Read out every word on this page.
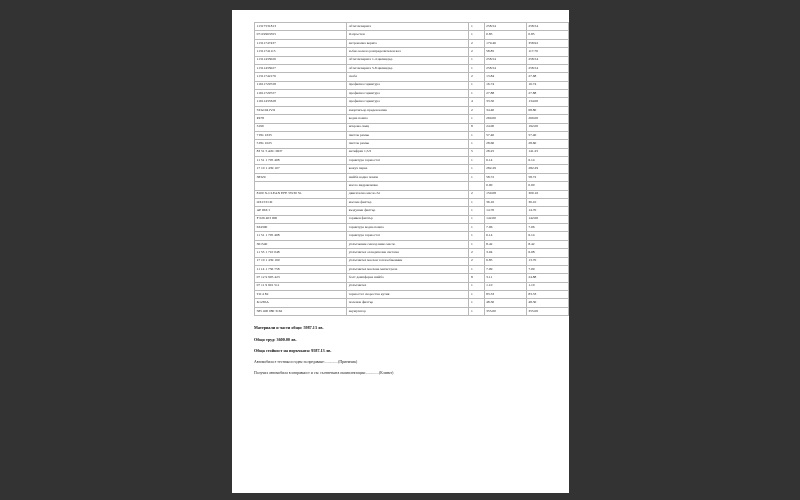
11317531813	обтегач/верига	1	258.54	258.54
07119963355	О-пръстен	1	0.85	0.85
11311747437	антровална верига	2	179.46	358.92
11311741115	зъбно колело разпределителен вал	2	58.85	117.70
11311435026	обтегач/верига 1-4 цилиндър	1	258.54	258.54
11311435027	обтегач/верига 5-8 цилиндър	1	258.54	258.54
11311742176	скоба	2	13.84	27.68
11611729728	профилна гарнитура	1	16.74	16.74
11611729727	профилна гарнитура	1	27.88	27.88
11611433328	профилна гарнитура	4	33.50	134.00
STA1041VO	амортисьор преден капак	2	34.40	68.80
P478	водна помпа	1	269.00	269.00
3199	искрова свещ	8	24.00	192.00
7 PK 1635	пистов ремък	1	57.40	57.40
5 PK 1025	пистов ремък	1	28.60	28.60
83 51 5 A6C DD7	антифриз 1,5Л	5	28.25	141.25
11 51 1 705 408	гарнитура термостат	1	6.14	6.14
17 10 1 439 107	кожух перка	1	282.29	282.29
38329	шайба водна помпа	1	58.72	58.72
	масло хидравлично		0.00	0.00
8100 X-CLEAN EFE 5W30 5L	двигателно масло-5л	2	150.08	300.16
OX153/1D	маслен филтър	1	36.10	36.10
AP 063/1	въздушен филтър	1	14.70	14.70
F 026 403 000	горивен филтър	1	142.00	142.00
634300	гарнитура водна помпа	1	7.06	7.06
11 51 1 705 408	гарнитура термостат	1	6.14	6.14
301540	уплътнение сензор ниво масло	1	8.42	8.42
11 53 1 710 048	уплътнител охладителна система	2	3.04	6.08
17 10 1 439 160	уплътнител маслен топлообменник	2	6.85	13.70
11 14 1 736 758	уплътнител маслена магистрала	1	7.09	7.09
07 12 9 905 423	болт демпферна шайба	8	3.11	24.88
07 11 9 901 511	уплътнител	1	1.10	1.10
TO 4 82	термостат скоростна кутия	1	83.33	83.33
K1265A	поленов филтър	1	48.30	48.30
585 400 080 3162	акумулатор	1	355.00	355.00
Материали и части общо: 5987.13 лв.
Общо труд: 3600.00 лв.
Обща стойност на поръчката: 9587.13 лв.
Автомобила е тестван и годен за предаване:..............(Приемчик)
Получих автомобила в изправност и със съответната окомплектация:..............(Клиент)
